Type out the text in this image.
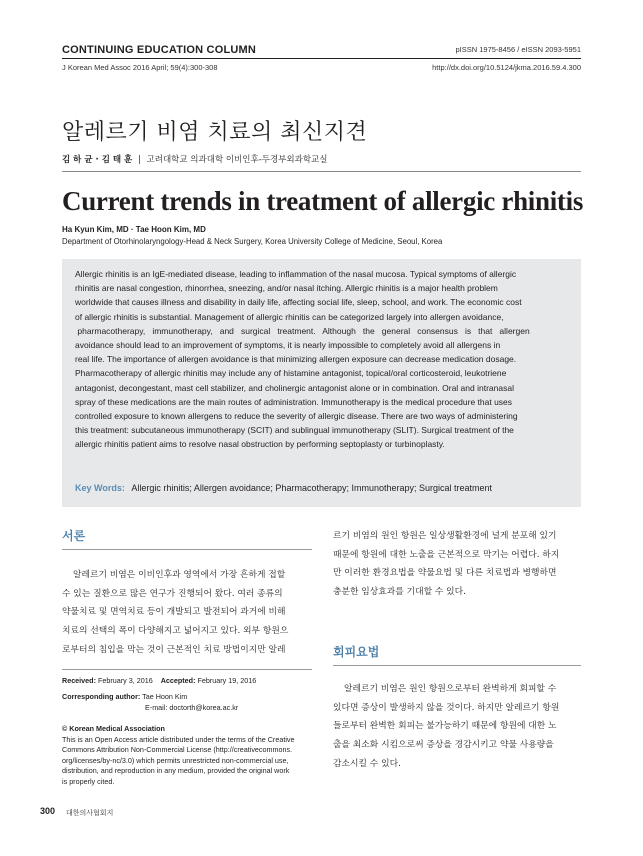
CONTINUING EDUCATION COLUMN	pISSN 1975-8456 / eISSN 2093-5951
J Korean Med Assoc 2016 April; 59(4):300-308	http://dx.doi.org/10.5124/jkma.2016.59.4.300
알레르기 비염 치료의 최신지견
김 하 균 · 김 태 훈 | 고려대학교 의과대학 이비인후-두경부외과학교실
Current trends in treatment of allergic rhinitis
Ha Kyun Kim, MD · Tae Hoon Kim, MD
Department of Otorhinolaryngology-Head & Neck Surgery, Korea University College of Medicine, Seoul, Korea
Allergic rhinitis is an IgE-mediated disease, leading to inflammation of the nasal mucosa. Typical symptoms of allergic
rhinitis are nasal congestion, rhinorrhea, sneezing, and/or nasal itching. Allergic rhinitis is a major health problem
worldwide that causes illness and disability in daily life, affecting social life, sleep, school, and work. The economic cost
of allergic rhinitis is substantial. Management of allergic rhinitis can be categorized largely into allergen avoidance,
pharmacotherapy,   immunotherapy,   and   surgical   treatment.   Although   the   general   consensus   is   that   allergen
avoidance should lead to an improvement of symptoms, it is nearly impossible to completely avoid all allergens in
real life. The importance of allergen avoidance is that minimizing allergen exposure can decrease medication dosage.
Pharmacotherapy of allergic rhinitis may include any of histamine antagonist, topical/oral corticosteroid, leukotriene
antagonist, decongestant, mast cell stabilizer, and cholinergic antagonist alone or in combination. Oral and intranasal
spray of these medications are the main routes of administration. Immunotherapy is the medical procedure that uses
controlled exposure to known allergens to reduce the severity of allergic disease. There are two ways of administering
this treatment: subcutaneous immunotherapy (SCIT) and sublingual immunotherapy (SLIT). Surgical treatment of the
allergic rhinitis patient aims to resolve nasal obstruction by performing septoplasty or turbinoplasty.
Key Words: Allergic rhinitis; Allergen avoidance; Pharmacotherapy; Immunotherapy; Surgical treatment
서론
알레르기 비염은 이비인후과 영역에서 가장 흔하게 접할
수 있는 질환으로 많은 연구가 진행되어 왔다. 여러 종류의
약물치료 및 면역치료 등이 개발되고 발전되어 과거에 비해
치료의 선택의 폭이 다양해지고 넓어지고 있다. 외부 항원으
로부터의 침입을 막는 것이 근본적인 치료 방법이지만 알레
Received: February 3, 2016 Accepted: February 19, 2016
Corresponding author: Tae Hoon Kim
E-mail: doctorth@korea.ac.kr
© Korean Medical Association
This is an Open Access article distributed under the terms of the Creative
Commons Attribution Non-Commercial License (http://creativecommons.
org/licenses/by-nc/3.0) which permits unrestricted non-commercial use,
distribution, and reproduction in any medium, provided the original work
is properly cited.
르기 비염의 원인 항원은 일상생활환경에 널게 분포해 있기
때문에 항원에 대한 노출을 근본적으로 막기는 어렵다. 하지
만 이러한 환경요법을 약물요법 및 다른 치료법과 병행하면
충분한 임상효과를 기대할 수 있다.
회피요법
알레르기 비염은 원인 항원으로부터 완벽하게 회피할 수
있다면 증상이 발생하지 않을 것이다. 하지만 알레르기 항원
들로부터 완벽한 회피는 불가능하기 때문에 항원에 대한 노
출을 최소화 시킴으로써 증상을 경감시키고 약물 사용량을
감소시킬 수 있다.
300 대한의사협회지
